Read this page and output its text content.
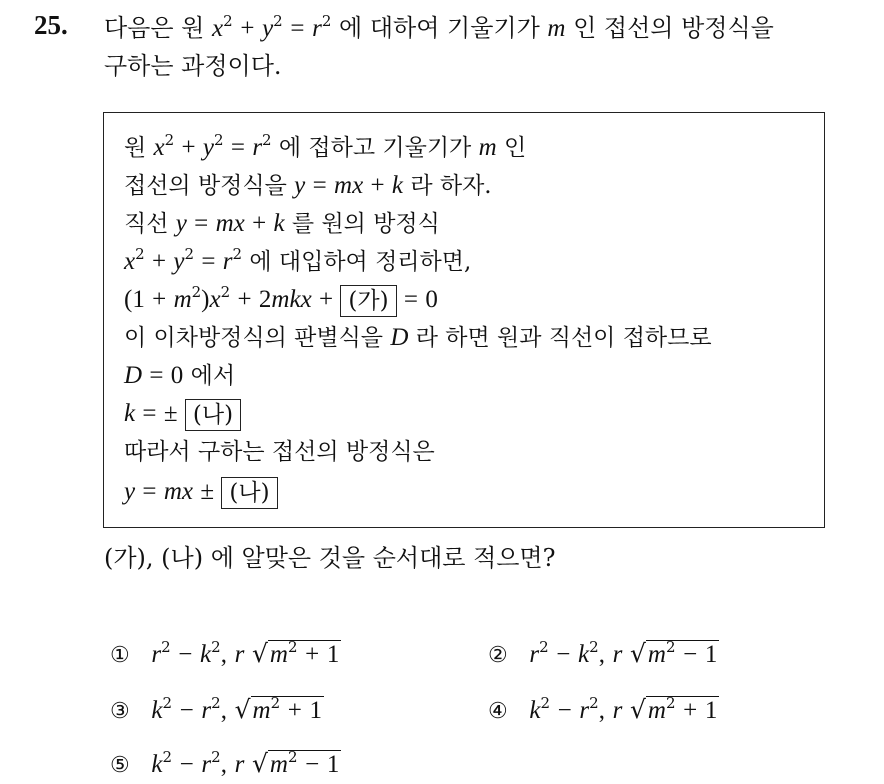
25. 다음은 원 $x^2 + y^2 = r^2$ 에 대하여 기울기가 m 인 접선의 방정식을
구하는 과정이다.
원 $x^2 + y^2 = r^2$ 에 접하고 기울기가 m 인
접선의 방정식을 y = mx + k 라 하자.
직선 y = mx + k 를 원의 방정식
$x^2 + y^2 = r^2$ 에 대입하여 정리하면,
$(1 + m^2)x^2 + 2mkx$ + (가) = 0
이 이차방정식의 판별식을 D 라 하면 원과 직선이 접하므로
D = 0 에서
k = ± (나)
따라서 구하는 접선의 방정식은
y = mx ± (나)
(가), (나) 에 알맞은 것을 순서대로 적으면?
① $r^2 - k^2$, r $√m^2 + 1$	② $r^2 - k^2$, r $√m^2 - 1$
③ $k^2 - r^2$, $√m^2 + 1$	④ $k^2 - r^2$, r $√m^2 + 1$
⑤ $k^2 - r^2$, r $√m^2 - 1$
